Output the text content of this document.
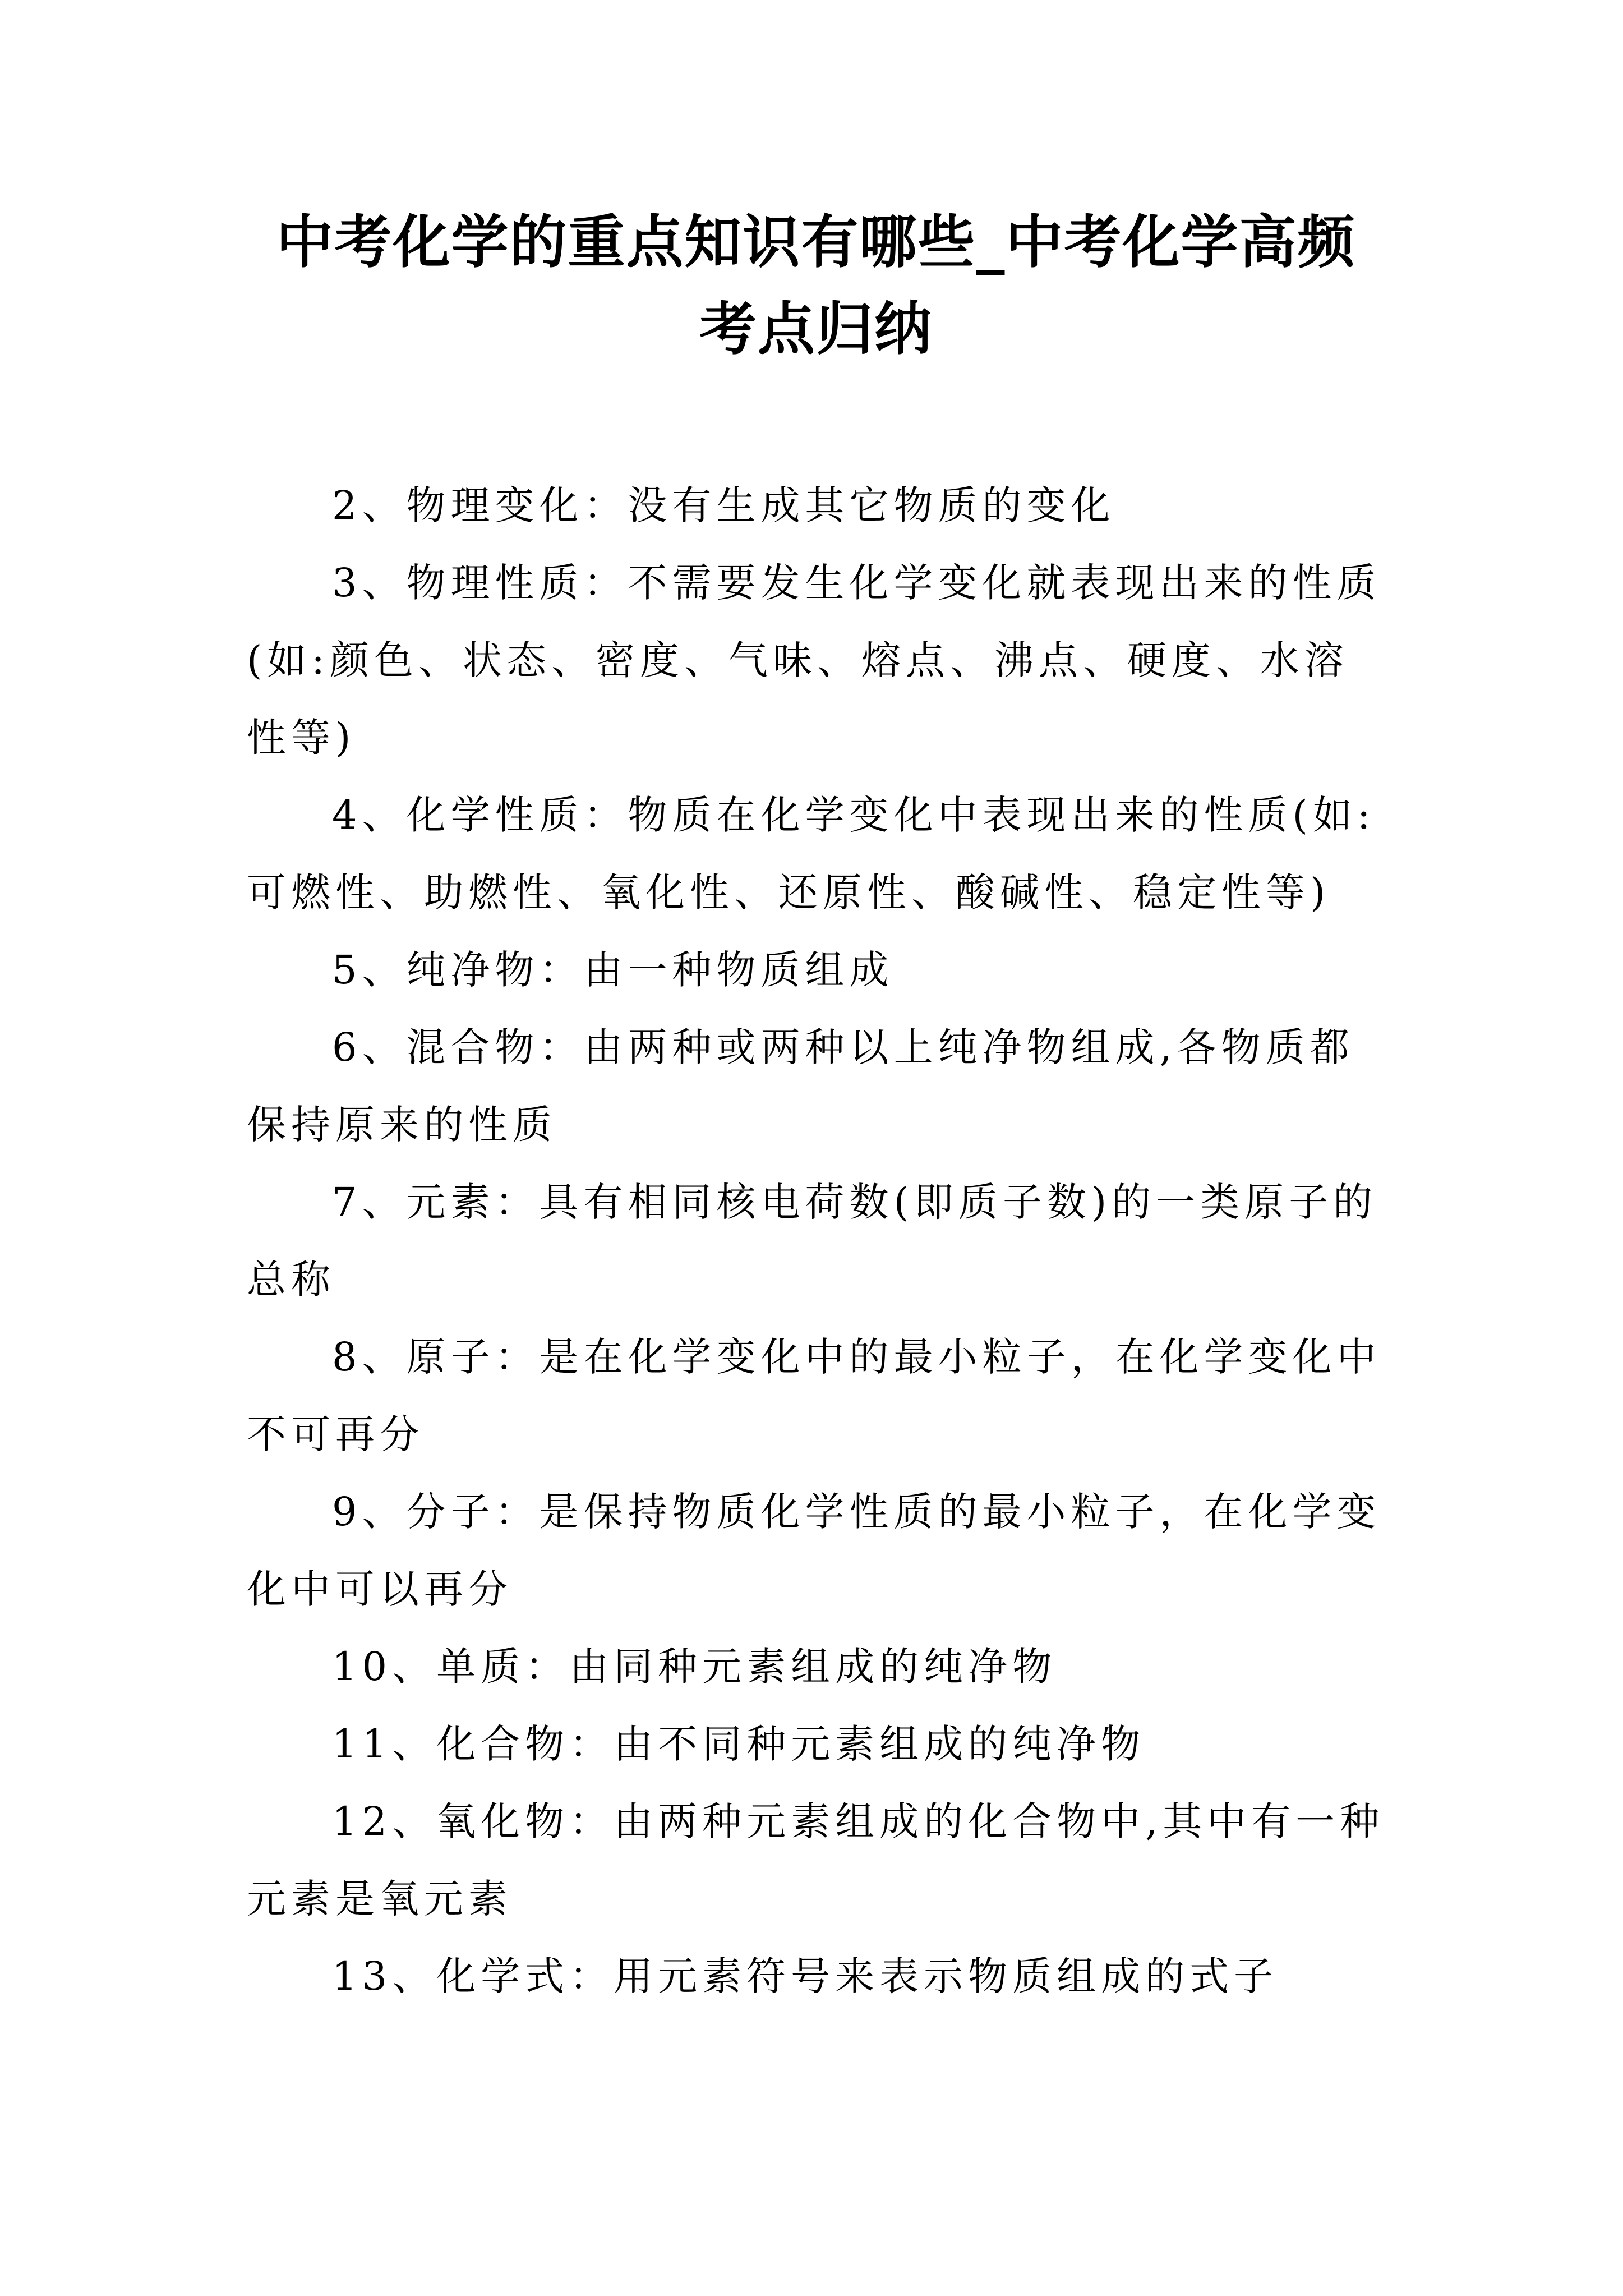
中考化学的重点知识有哪些_中考化学高频
考点归纳

2、物理变化：没有生成其它物质的变化

3、物理性质：不需要发生化学变化就表现出来的性质(如:颜色、状态、密度、气味、熔点、沸点、硬度、水溶性等)

4、化学性质：物质在化学变化中表现出来的性质(如:可燃性、助燃性、氧化性、还原性、酸碱性、稳定性等)

5、纯净物：由一种物质组成

6、混合物：由两种或两种以上纯净物组成,各物质都保持原来的性质

7、元素：具有相同核电荷数(即质子数)的一类原子的总称

8、原子：是在化学变化中的最小粒子，在化学变化中不可再分

9、分子：是保持物质化学性质的最小粒子，在化学变化中可以再分

10、单质：由同种元素组成的纯净物

11、化合物：由不同种元素组成的纯净物

12、氧化物：由两种元素组成的化合物中,其中有一种元素是氧元素

13、化学式：用元素符号来表示物质组成的式子
